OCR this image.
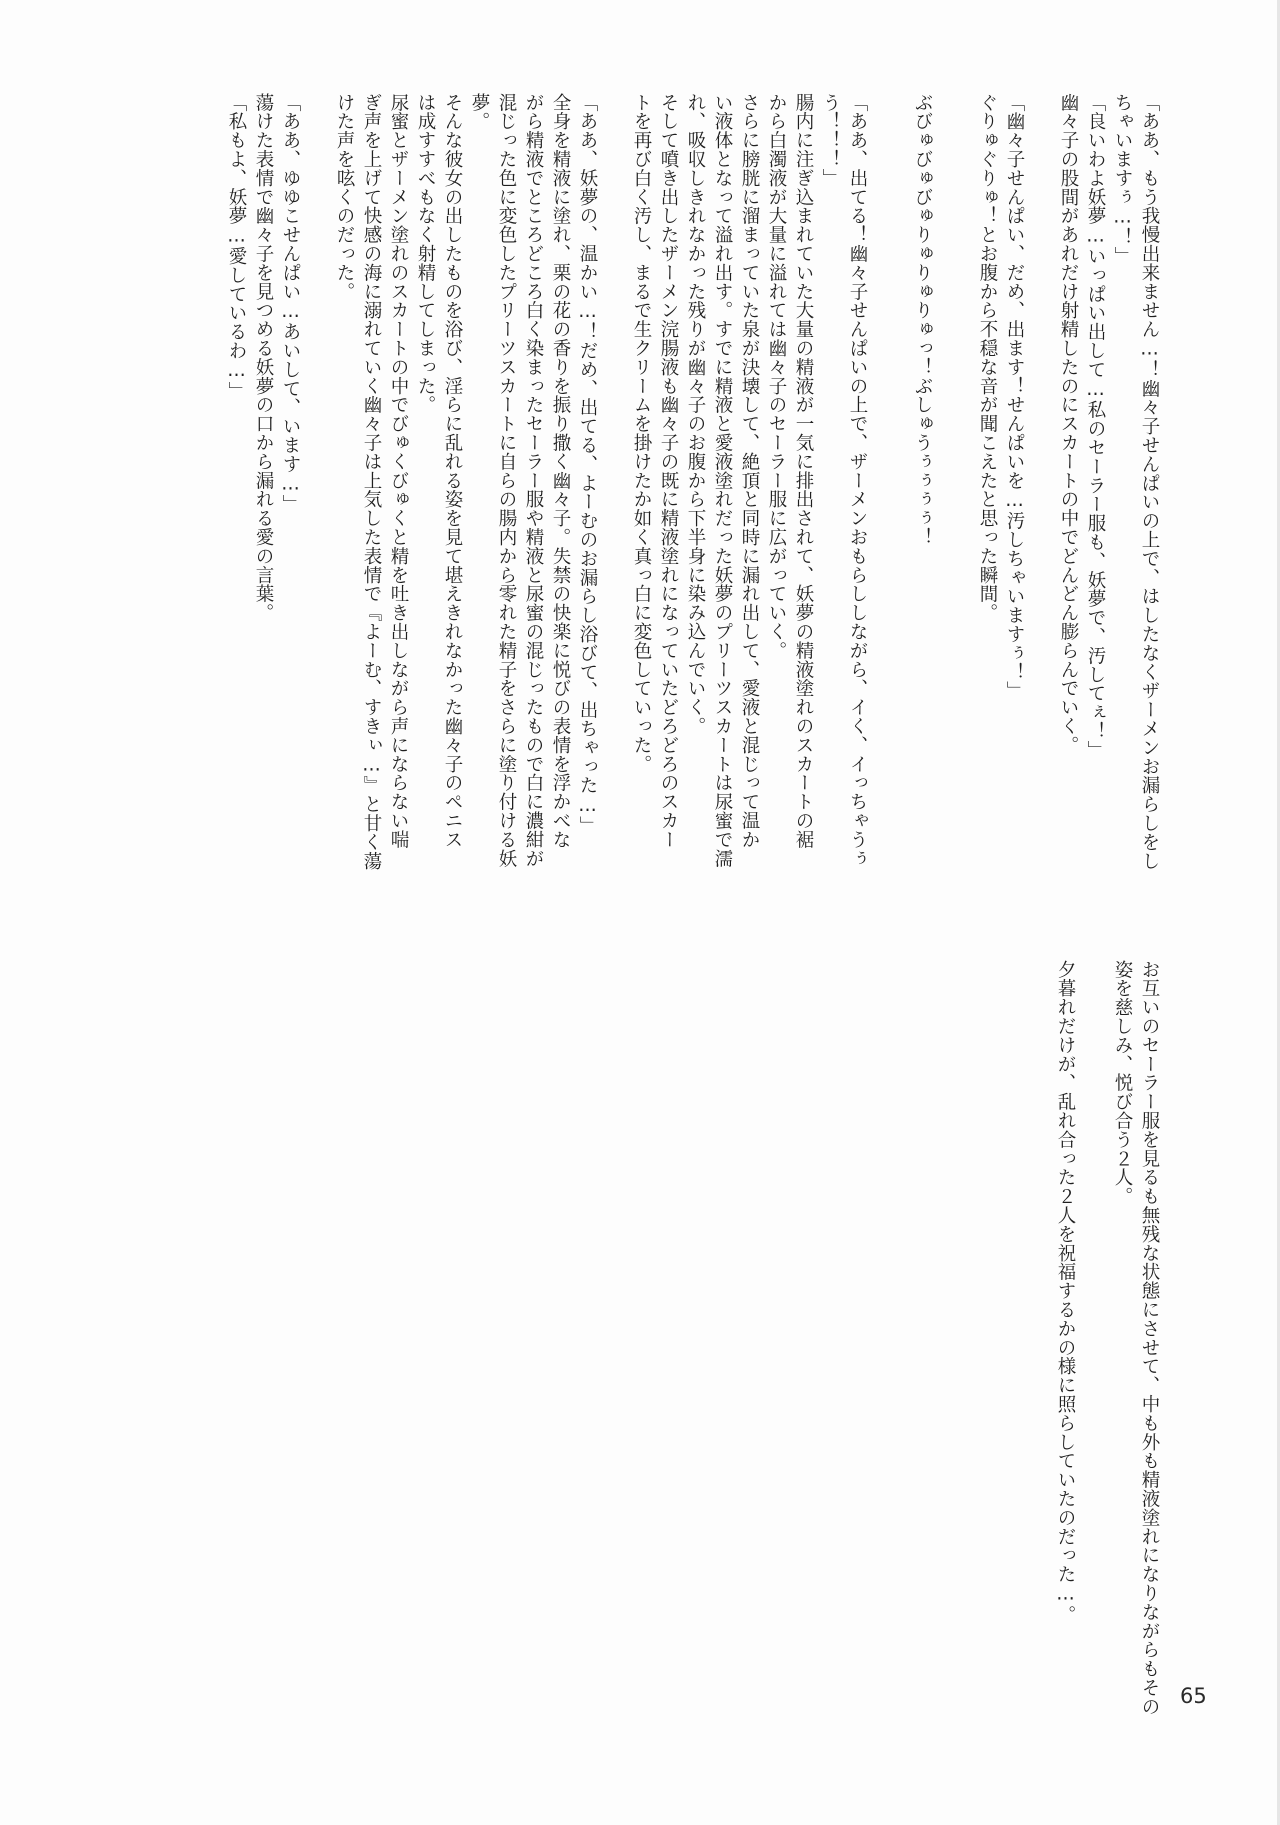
「ああ、もう我慢出来ません…！幽々子せんぱいの上で、はしたなくザーメンお漏らしをし
ちゃいますぅ…！」
「良いわよ妖夢…いっぱい出して…私のセーラー服も、妖夢で、汚してぇ！」
幽々子の股間があれだけ射精したのにスカートの中でどんどん膨らんでいく。
「幽々子せんぱい、だめ、出ます！せんぱいを…汚しちゃいますぅ！」
ぐりゅぐりゅ！とお腹から不穏な音が聞こえたと思った瞬間。
ぶびゅびゅびゅりゅりゅりゅっ！ぶしゅうぅぅぅぅ！
「ああ、出てる！幽々子せんぱいの上で、ザーメンおもらししながら、イく、イっちゃうぅ
う！！！」
腸内に注ぎ込まれていた大量の精液が一気に排出されて、妖夢の精液塗れのスカートの裾
から白濁液が大量に溢れては幽々子のセーラー服に広がっていく。
さらに膀胱に溜まっていた泉が決壊して、絶頂と同時に漏れ出して、愛液と混じって温か
い液体となって溢れ出す。すでに精液と愛液塗れだった妖夢のプリーツスカートは尿蜜で濡
れ、吸収しきれなかった残りが幽々子のお腹から下半身に染み込んでいく。
そして噴き出したザーメン浣腸液も幽々子の既に精液塗れになっていたどろどろのスカー
トを再び白く汚し、まるで生クリームを掛けたか如く真っ白に変色していった。
「ああ、妖夢の、温かい…！だめ、出てる、よーむのお漏らし浴びて、出ちゃった…」
全身を精液に塗れ、栗の花の香りを振り撒く幽々子。失禁の快楽に悦びの表情を浮かべな
がら精液でところどころ白く染まったセーラー服や精液と尿蜜の混じったもので白に濃紺が
混じった色に変色したプリーツスカートに自らの腸内から零れた精子をさらに塗り付ける妖
夢。
そんな彼女の出したものを浴び、淫らに乱れる姿を見て堪えきれなかった幽々子のペニス
は成すすべもなく射精してしまった。
尿蜜とザーメン塗れのスカートの中でびゅくびゅくと精を吐き出しながら声にならない喘
ぎ声を上げて快感の海に溺れていく幽々子は上気した表情で『よーむ、すきぃ…』と甘く蕩
けた声を呟くのだった。
「ああ、ゆゆこせんぱい…あいして、います…」
蕩けた表情で幽々子を見つめる妖夢の口から漏れる愛の言葉。
「私もよ、妖夢…愛しているわ…」
お互いのセーラー服を見るも無残な状態にさせて、中も外も精液塗れになりながらもその
姿を慈しみ、悦び合う２人。
夕暮れだけが、乱れ合った２人を祝福するかの様に照らしていたのだった…。
65
